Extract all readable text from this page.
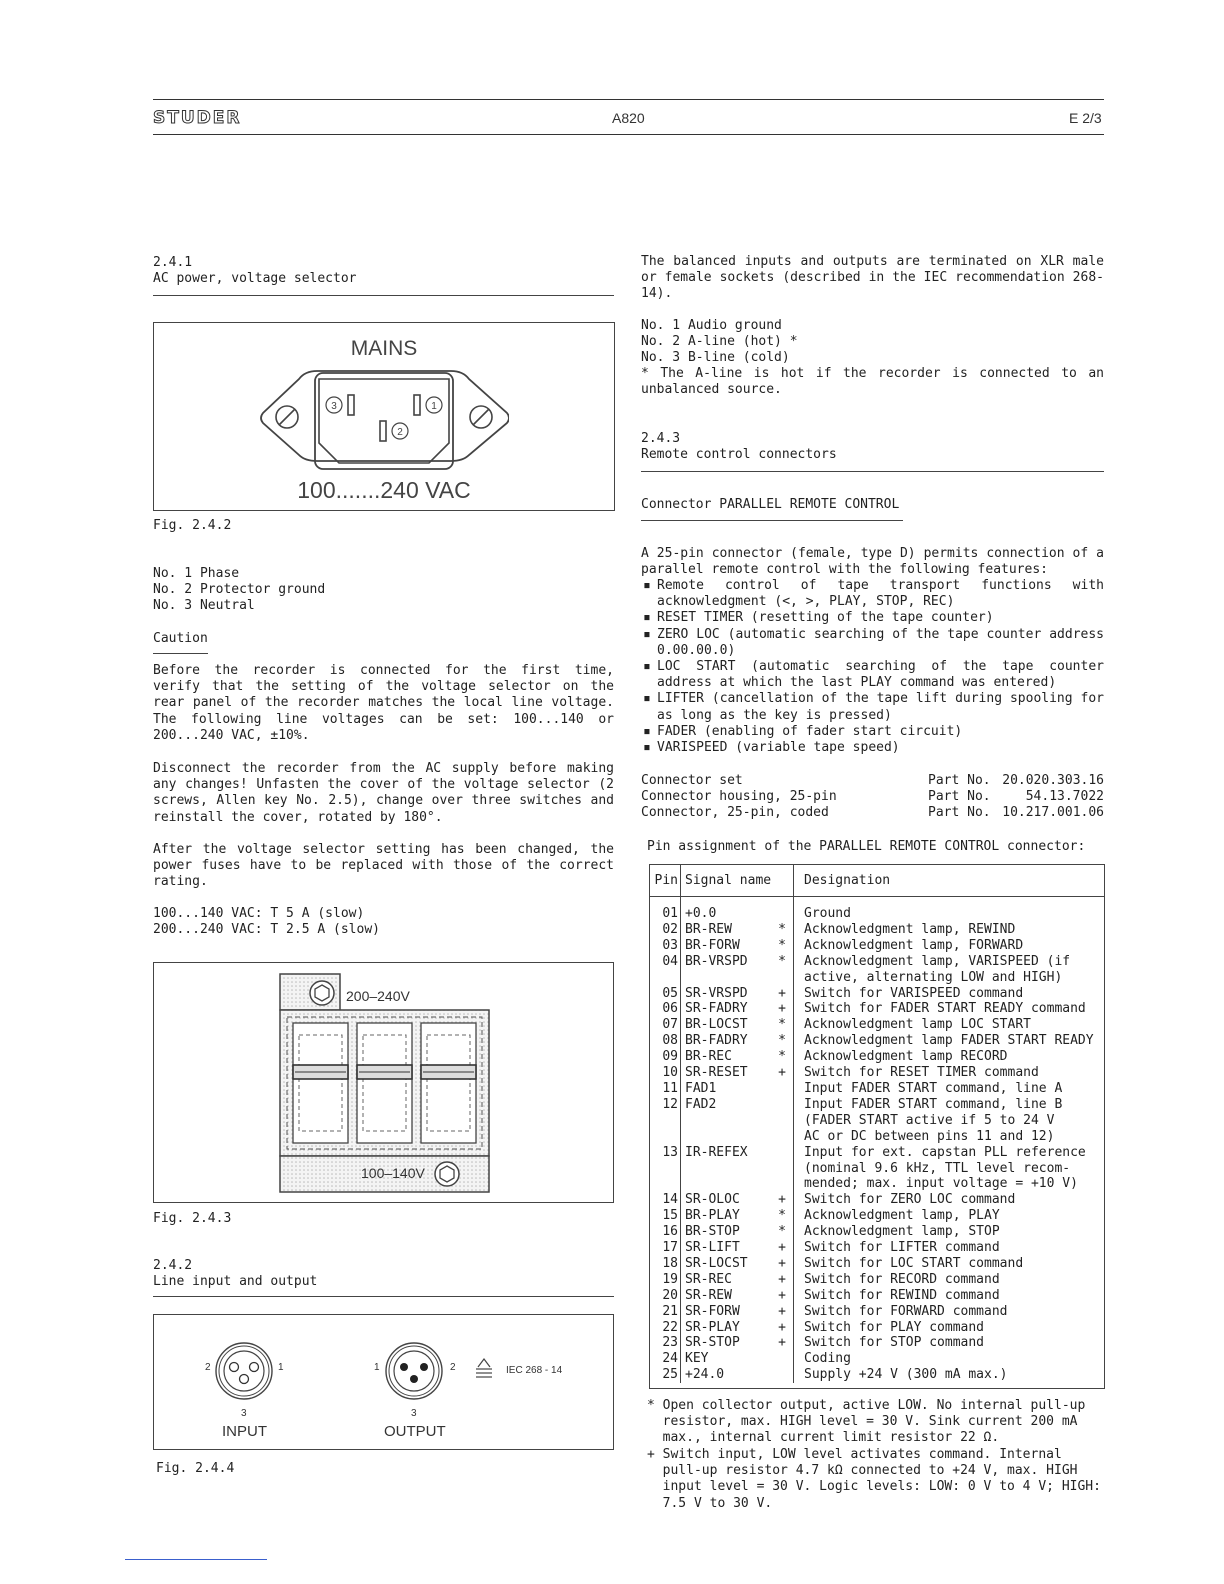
STUDER	A820	E 2/3
2.4.1
AC power, voltage selector
MAINS
3	1
2
100.......240 VAC
Fig. 2.4.2
No. 1 Phase
No. 2 Protector ground
No. 3 Neutral
Caution
Before the recorder is connected for the first time, verify that the setting of the voltage selector on the rear panel of the recorder matches the local line voltage. The following line voltages can be set: 100...140 or 200...240 VAC, ±10%.
Disconnect the recorder from the AC supply before making any changes! Unfasten the cover of the voltage selector (2 screws, Allen key No. 2.5), change over three switches and reinstall the cover, rotated by 180°.
After the voltage selector setting has been changed, the power fuses have to be replaced with those of the correct rating.
100...140 VAC: T 5 A (slow)
200...240 VAC: T 2.5 A (slow)
200–240V
100–140V
Fig. 2.4.3
2.4.2
Line input and output
2	1
3
1	2
3
IEC 268 - 14
INPUT	OUTPUT
Fig. 2.4.4
The balanced inputs and outputs are terminated on XLR male or female sockets (described in the IEC recommendation 268-14).
No. 1 Audio ground
No. 2 A-line (hot) *
No. 3 B-line (cold)
* The A-line is hot if the recorder is connected to an unbalanced source.
2.4.3
Remote control connectors
Connector PARALLEL REMOTE CONTROL
A 25-pin connector (female, type D) permits connection of a parallel remote control with the following features:
▪ Remote control of tape transport functions with acknowledgment (<, >, PLAY, STOP, REC)
▪ RESET TIMER (resetting of the tape counter)
▪ ZERO LOC (automatic searching of the tape counter address 0.00.00.0)
▪ LOC START (automatic searching of the tape counter address at which the last PLAY command was entered)
▪ LIFTER (cancellation of the tape lift during spooling for as long as the key is pressed)
▪ FADER (enabling of fader start circuit)
▪ VARISPEED (variable tape speed)
Connector set	Part No. 20.020.303.16
Connector housing, 25-pin	Part No.	54.13.7022
Connector, 25-pin, coded	Part No. 10.217.001.06
Pin assignment of the PARALLEL REMOTE CONTROL connector:
Pin	Signal name		Designation
01	+0.0		Ground
02	BR-REW	*	Acknowledgment lamp, REWIND
03	BR-FORW	*	Acknowledgment lamp, FORWARD
04	BR-VRSPD	*	Acknowledgment lamp, VARISPEED (if
active, alternating LOW and HIGH)
05	SR-VRSPD	+	Switch for VARISPEED command
06	SR-FADRY	+	Switch for FADER START READY command
07	BR-LOCST	*	Acknowledgment lamp LOC START
08	BR-FADRY	*	Acknowledgment lamp FADER START READY
09	BR-REC	*	Acknowledgment lamp RECORD
10	SR-RESET	+	Switch for RESET TIMER command
11	FAD1		Input FADER START command, line A
12	FAD2		Input FADER START command, line B
(FADER START active if 5 to 24 V
AC or DC between pins 11 and 12)
13	IR-REFEX		Input for ext. capstan PLL reference
(nominal 9.6 kHz, TTL level recom-
mended; max. input voltage = +10 V)
14	SR-OLOC	+	Switch for ZERO LOC command
15	BR-PLAY	*	Acknowledgment lamp, PLAY
16	BR-STOP	*	Acknowledgment lamp, STOP
17	SR-LIFT	+	Switch for LIFTER command
18	SR-LOCST	+	Switch for LOC START command
19	SR-REC	+	Switch for RECORD command
20	SR-REW	+	Switch for REWIND command
21	SR-FORW	+	Switch for FORWARD command
22	SR-PLAY	+	Switch for PLAY command
23	SR-STOP	+	Switch for STOP command
24	KEY		Coding
25	+24.0		Supply +24 V (300 mA max.)
* Open collector output, active LOW. No internal pull-up
resistor, max. HIGH level = 30 V. Sink current 200 mA
max., internal current limit resistor 22 Ω.
+ Switch input, LOW level activates command. Internal
pull-up resistor 4.7 kΩ connected to +24 V, max. HIGH
input level = 30 V. Logic levels: LOW: 0 V to 4 V; HIGH:
7.5 V to 30 V.
